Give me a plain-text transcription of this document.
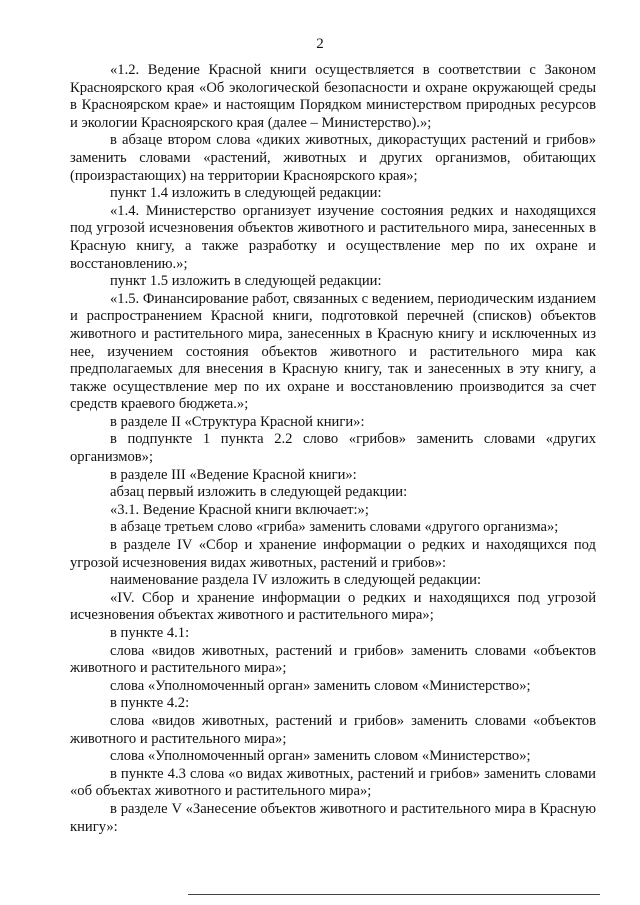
2

«1.2. Ведение Красной книги осуществляется в соответствии с Законом Красноярского края «Об экологической безопасности и охране окружающей среды в Красноярском крае» и настоящим Порядком министерством природных ресурсов и экологии Красноярского края (далее – Министерство).»;

в абзаце втором слова «диких животных, дикорастущих растений и грибов» заменить словами «растений, животных и других организмов, обитающих (произрастающих) на территории Красноярского края»;

пункт 1.4 изложить в следующей редакции:

«1.4. Министерство организует изучение состояния редких и находящихся под угрозой исчезновения объектов животного и растительного мира, занесенных в Красную книгу, а также разработку и осуществление мер по их охране и восстановлению.»;

пункт 1.5 изложить в следующей редакции:

«1.5. Финансирование работ, связанных с ведением, периодическим изданием и распространением Красной книги, подготовкой перечней (списков) объектов животного и растительного мира, занесенных в Красную книгу и исключенных из нее, изучением состояния объектов животного и растительного мира как предполагаемых для внесения в Красную книгу, так и занесенных в эту книгу, а также осуществление мер по их охране и восстановлению производится за счет средств краевого бюджета.»;

в разделе II «Структура Красной книги»:

в подпункте 1 пункта 2.2 слово «грибов» заменить словами «других организмов»;

в разделе III «Ведение Красной книги»:

абзац первый изложить в следующей редакции:

«3.1. Ведение Красной книги включает:»;

в абзаце третьем слово «гриба» заменить словами «другого организма»;

в разделе IV «Сбор и хранение информации о редких и находящихся под угрозой исчезновения видах животных, растений и грибов»:

наименование раздела IV изложить в следующей редакции:

«IV. Сбор и хранение информации о редких и находящихся под угрозой исчезновения объектах животного и растительного мира»;

в пункте 4.1:

слова «видов животных, растений и грибов» заменить словами «объектов животного и растительного мира»;

слова «Уполномоченный орган» заменить словом «Министерство»;

в пункте 4.2:

слова «видов животных, растений и грибов» заменить словами «объектов животного и растительного мира»;

слова «Уполномоченный орган» заменить словом «Министерство»;

в пункте 4.3 слова «о видах животных, растений и грибов» заменить словами «об объектах животного и растительного мира»;

в разделе V «Занесение объектов животного и растительного мира в Красную книгу»:
